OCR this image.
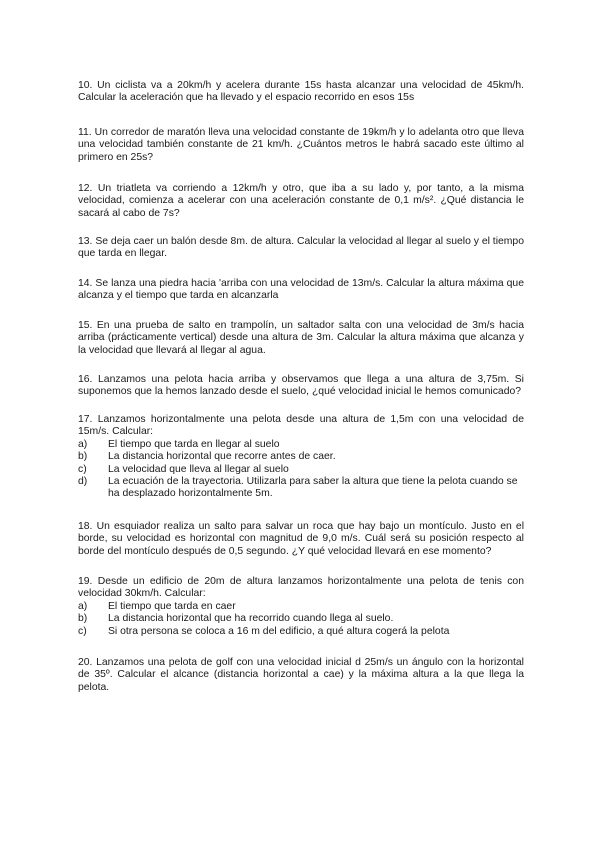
10. Un ciclista va a 20km/h y acelera durante 15s hasta alcanzar una velocidad de 45km/h. Calcular la aceleración que ha llevado y el espacio recorrido en esos 15s

11. Un corredor de maratón lleva una velocidad constante de 19km/h y lo adelanta otro que lleva una velocidad también constante de 21 km/h. ¿Cuántos metros le habrá sacado este último al primero en 25s?

12. Un triatleta va corriendo a 12km/h y otro, que iba a su lado y, por tanto, a la misma velocidad, comienza a acelerar con una aceleración constante de 0,1 m/s². ¿Qué distancia le sacará al cabo de 7s?

13. Se deja caer un balón desde 8m. de altura. Calcular la velocidad al llegar al suelo y el tiempo que tarda en llegar.

14. Se lanza una piedra hacia 'arriba con una velocidad de 13m/s. Calcular la altura máxima que alcanza y el tiempo que tarda en alcanzarla

15. En una prueba de salto en trampolín, un saltador salta con una velocidad de 3m/s hacia arriba (prácticamente vertical) desde una altura de 3m. Calcular la altura máxima que alcanza y la velocidad que llevará al llegar al agua.

16. Lanzamos una pelota hacia arriba y observamos que llega a una altura de 3,75m. Si suponemos que la hemos lanzado desde el suelo, ¿qué velocidad inicial le hemos comunicado?

17. Lanzamos horizontalmente una pelota desde una altura de 1,5m con una velocidad de 15m/s. Calcular:

a)	El tiempo que tarda en llegar al suelo
b)	La distancia horizontal que recorre antes de caer.
c)	La velocidad que lleva al llegar al suelo
d)	La ecuación de la trayectoria. Utilizarla para saber la altura que tiene la pelota cuando se ha desplazado horizontalmente 5m.

18. Un esquiador realiza un salto para salvar un roca que hay bajo un montículo. Justo en el borde, su velocidad es horizontal con magnitud de 9,0 m/s. Cuál será su posición respecto al borde del montículo después de 0,5 segundo. ¿Y qué velocidad llevará en ese momento?

19. Desde un edificio de 20m de altura lanzamos horizontalmente una pelota de tenis con velocidad 30km/h. Calcular:

a)	El tiempo que tarda en caer
b)	La distancia horizontal que ha recorrido cuando llega al suelo.
c)	Si otra persona se coloca a 16 m del edificio, a qué altura cogerá la pelota

20. Lanzamos una pelota de golf con una velocidad inicial d 25m/s un ángulo con la horizontal de 35º. Calcular el alcance (distancia horizontal a cae) y la máxima altura a la que llega la pelota.
